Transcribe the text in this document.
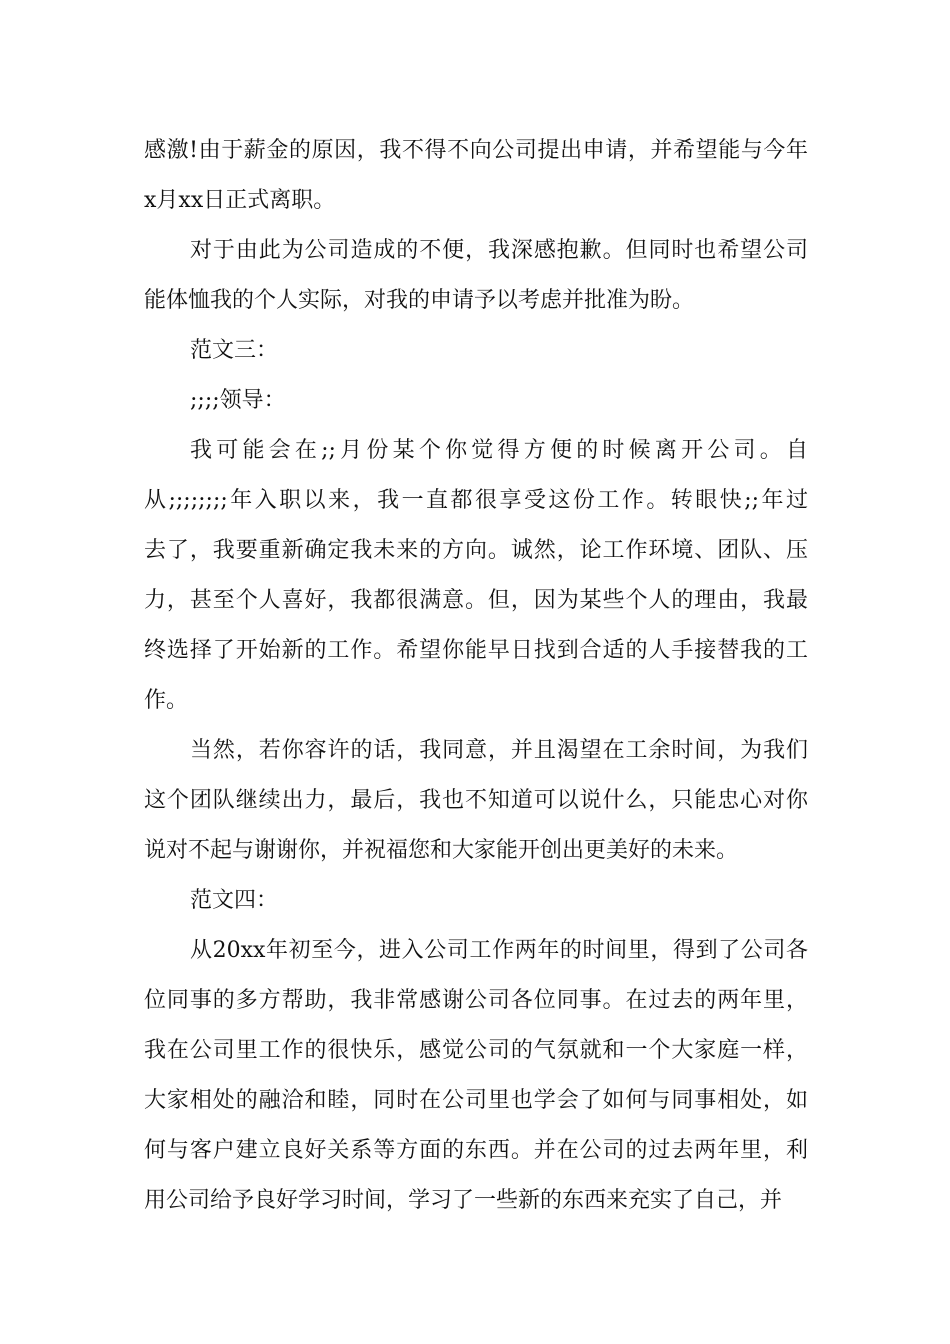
感激!由于薪金的原因，我不得不向公司提出申请，并希望能与今年
x月xx日正式离职。
对于由此为公司造成的不便，我深感抱歉。但同时也希望公司
能体恤我的个人实际，对我的申请予以考虑并批准为盼。
范文三：
;;;;领导：
我可能会在;;月份某个你觉得方便的时候离开公司。自
从;;;;;;;;年入职以来，我一直都很享受这份工作。转眼快;;年过
去了，我要重新确定我未来的方向。诚然，论工作环境、团队、压
力，甚至个人喜好，我都很满意。但，因为某些个人的理由，我最
终选择了开始新的工作。希望你能早日找到合适的人手接替我的工
作。
当然，若你容许的话，我同意，并且渴望在工余时间，为我们
这个团队继续出力，最后，我也不知道可以说什么，只能忠心对你
说对不起与谢谢你，并祝福您和大家能开创出更美好的未来。
范文四：
从20xx年初至今，进入公司工作两年的时间里，得到了公司各
位同事的多方帮助，我非常感谢公司各位同事。在过去的两年里，
我在公司里工作的很快乐，感觉公司的气氛就和一个大家庭一样，
大家相处的融洽和睦，同时在公司里也学会了如何与同事相处，如
何与客户建立良好关系等方面的东西。并在公司的过去两年里，利
用公司给予良好学习时间，学习了一些新的东西来充实了自己，并
